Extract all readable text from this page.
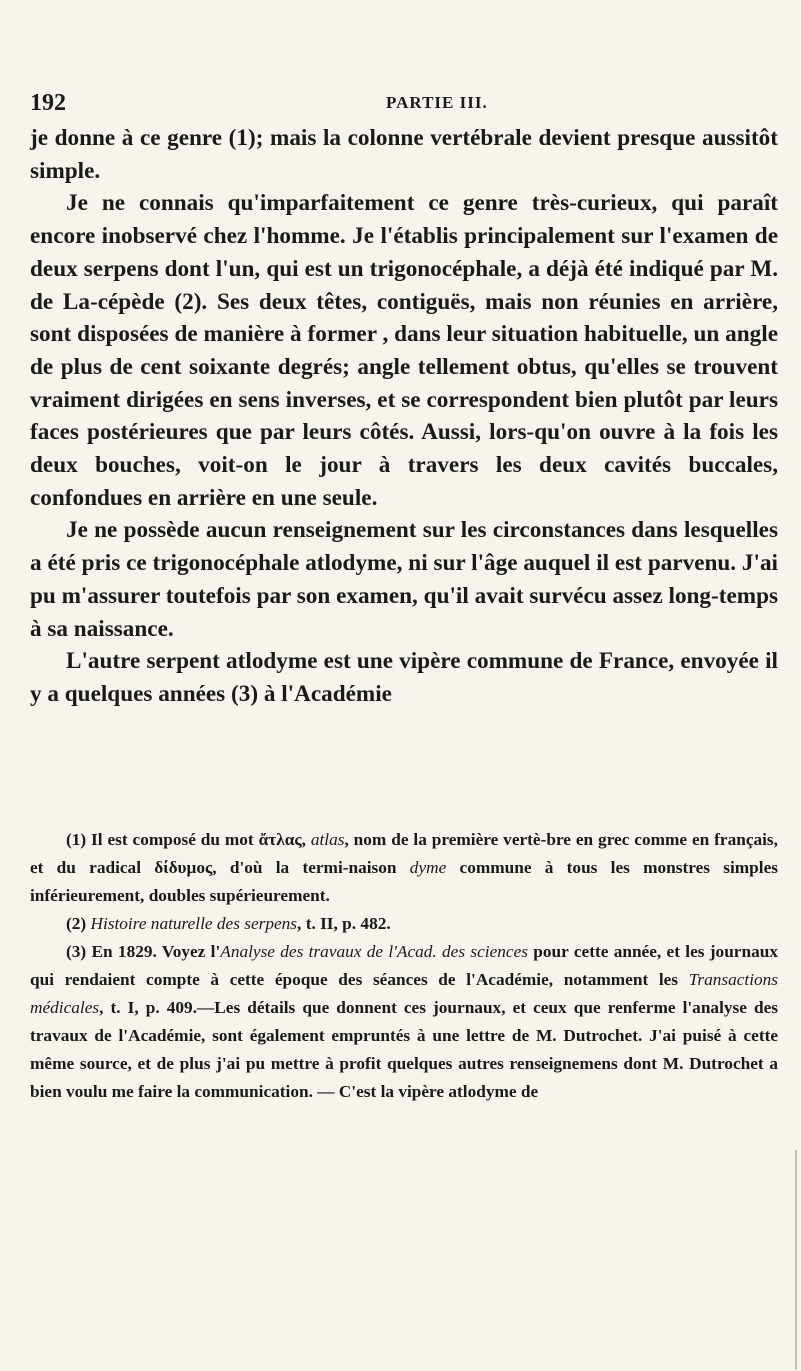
192	PARTIE III.

je donne à ce genre (1); mais la colonne vertébrale devient presque aussitôt simple.

Je ne connais qu'imparfaitement ce genre très-curieux, qui paraît encore inobservé chez l'homme. Je l'établis principalement sur l'examen de deux serpens dont l'un, qui est un trigonocéphale, a déjà été indiqué par M. de La-cépède (2). Ses deux têtes, contiguës, mais non réunies en arrière, sont disposées de manière à former , dans leur situation habituelle, un angle de plus de cent soixante degrés; angle tellement obtus, qu'elles se trouvent vraiment dirigées en sens inverses, et se correspondent bien plutôt par leurs faces postérieures que par leurs côtés. Aussi, lors-qu'on ouvre à la fois les deux bouches, voit-on le jour à travers les deux cavités buccales, confondues en arrière en une seule.

Je ne possède aucun renseignement sur les circonstances dans lesquelles a été pris ce trigonocéphale atlodyme, ni sur l'âge auquel il est parvenu. J'ai pu m'assurer toutefois par son examen, qu'il avait survécu assez long-temps à sa naissance.

L'autre serpent atlodyme est une vipère commune de France, envoyée il y a quelques années (3) à l'Académie

(1) Il est composé du mot ἄτλας, atlas, nom de la première vertè-bre en grec comme en français, et du radical δίδυμος, d'où la termi-naison dyme commune à tous les monstres simples inférieurement, doubles supérieurement.

(2) Histoire naturelle des serpens, t. II, p. 482.

(3) En 1829. Voyez l'Analyse des travaux de l'Acad. des sciences pour cette année, et les journaux qui rendaient compte à cette époque des séances de l'Académie, notamment les Transactions médicales, t. I, p. 409.—Les détails que donnent ces journaux, et ceux que renferme l'analyse des travaux de l'Académie, sont également empruntés à une lettre de M. Dutrochet. J'ai puisé à cette même source, et de plus j'ai pu mettre à profit quelques autres renseignemens dont M. Dutrochet a bien voulu me faire la communication. — C'est la vipère atlodyme de
